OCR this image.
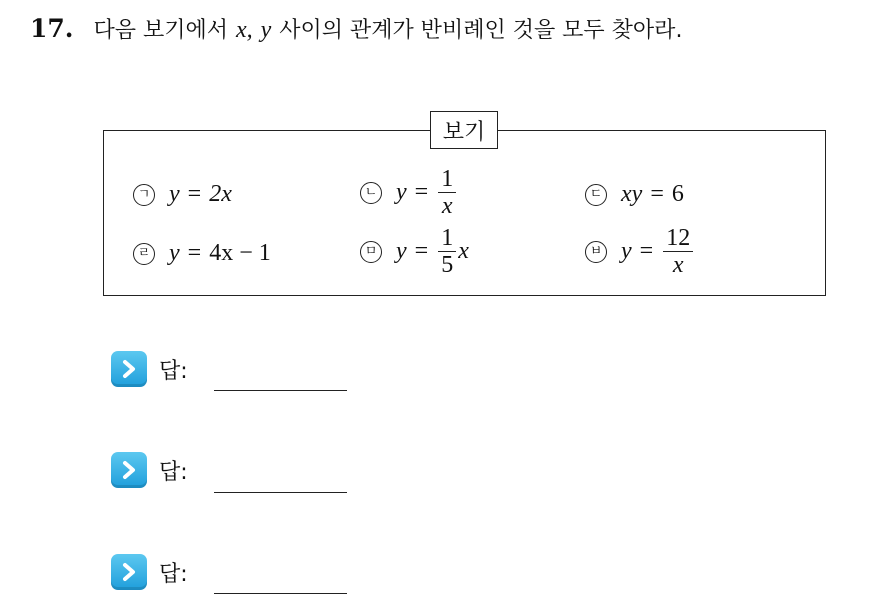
17. 다음 보기에서 x, y 사이의 관계가 반비례인 것을 모두 찾아라.
보기
ㄱ y = 2x	ㄴ $y = \frac{1}{x}$	ㄷ xy = 6
ㄹ y = 4x − 1	ㅁ $y = \frac{1}{5}$ x	ㅂ $y = \frac{12}{x}$
답:
답:
답:
